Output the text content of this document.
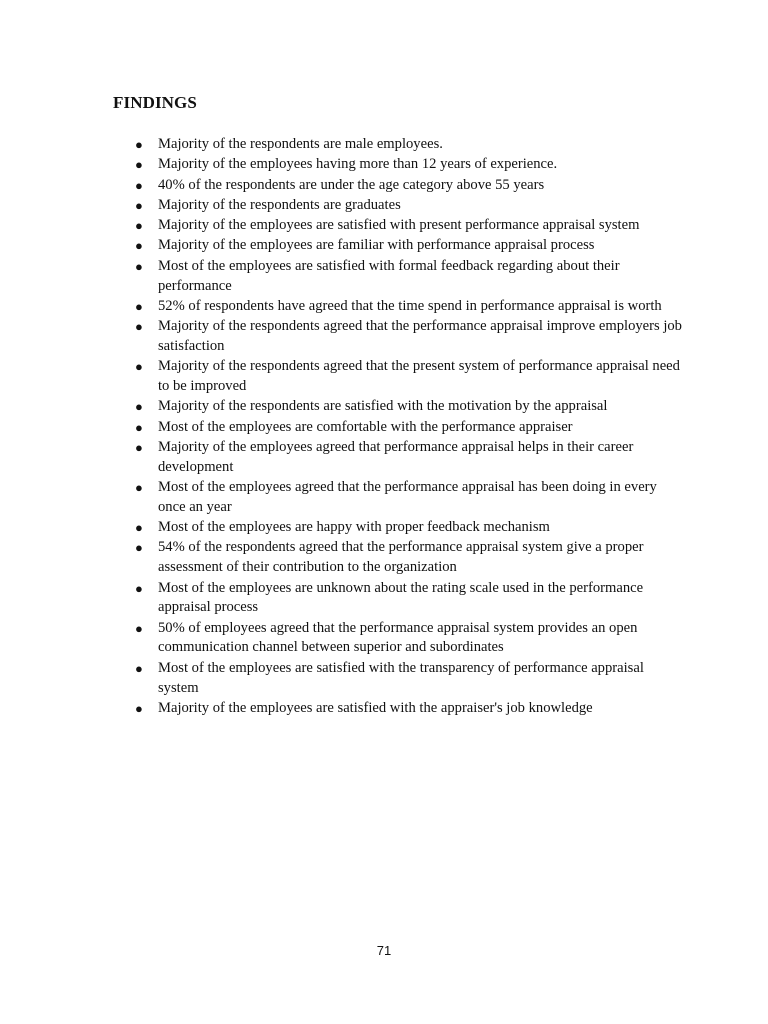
FINDINGS
● Majority of the respondents are male employees.
● Majority of the employees having more than 12 years of experience.
● 40% of the respondents are under the age category above 55 years
● Majority of the respondents are graduates
● Majority of the employees are satisfied with present performance appraisal system
● Majority of the employees are familiar with performance appraisal process
● Most of the employees are satisfied with formal feedback regarding about their performance
● 52% of respondents have agreed that the time spend in performance appraisal is worth
● Majority of the respondents agreed that the performance appraisal improve employers job satisfaction
● Majority of the respondents agreed that the present system of performance appraisal need to be improved
● Majority of the respondents are satisfied with the motivation by the appraisal
● Most of the employees are comfortable with the performance appraiser
● Majority of the employees agreed that performance appraisal helps in their career development
● Most of the employees agreed that the performance appraisal has been doing in every once an year
● Most of the employees are happy with proper feedback mechanism
● 54% of the respondents agreed that the performance appraisal system give a proper assessment of their contribution to the organization
● Most of the employees are unknown about the rating scale used in the performance appraisal process
● 50% of employees agreed that the performance appraisal system provides an open communication channel between superior and subordinates
● Most of the employees are satisfied with the transparency of performance appraisal system
● Majority of the employees are satisfied with the appraiser's job knowledge
71
